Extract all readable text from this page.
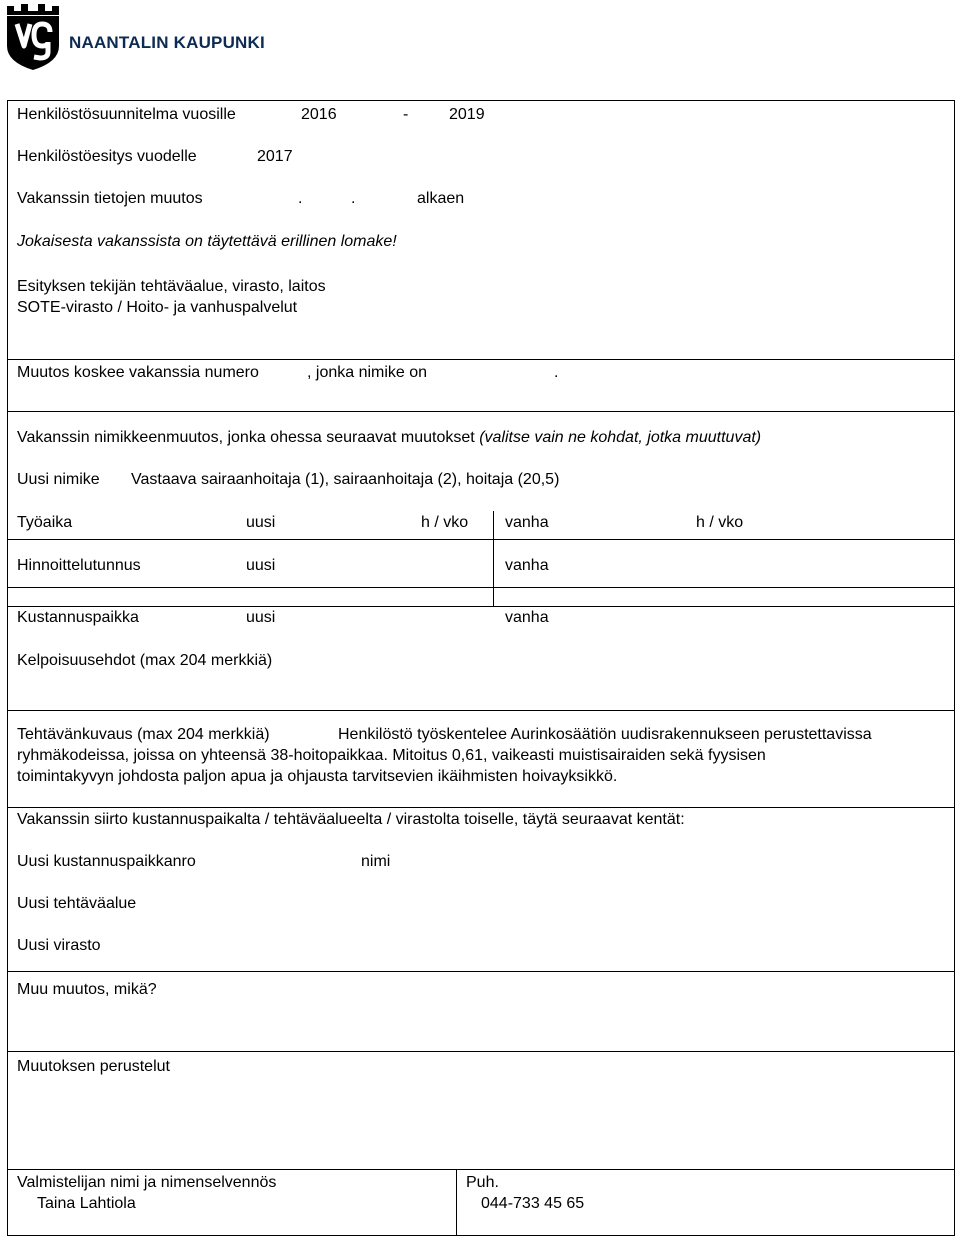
NAANTALIN KAUPUNKI
Henkilöstösuunnitelma vuosille	2016	-	2019
Henkilöstöesitys vuodelle	2017
Vakanssin tietojen muutos	.	.	alkaen
Jokaisesta vakanssista on täytettävä erillinen lomake!
Esityksen tekijän tehtäväalue, virasto, laitos
SOTE-virasto / Hoito- ja vanhuspalvelut
Muutos koskee vakanssia numero	, jonka nimike on	.
Vakanssin nimikkeenmuutos, jonka ohessa seuraavat muutokset (valitse vain ne kohdat, jotka muuttuvat)
Uusi nimike Vastaava sairaanhoitaja (1), sairaanhoitaja (2), hoitaja (20,5)
Työaika	uusi	h / vko vanha	h / vko
Hinnoittelutunnus	uusi	vanha
Kustannuspaikka	uusi	vanha
Kelpoisuusehdot (max 204 merkkiä)
Tehtävänkuvaus (max 204 merkkiä)	Henkilöstö työskentelee Aurinkosäätiön uudisrakennukseen perustettavissa
ryhmäkodeissa, joissa on yhteensä 38-hoitopaikkaa. Mitoitus 0,61, vaikeasti muistisairaiden sekä fyysisen
toimintakyvyn johdosta paljon apua ja ohjausta tarvitsevien ikäihmisten hoivayksikkö.
Vakanssin siirto kustannuspaikalta / tehtäväalueelta / virastolta toiselle, täytä seuraavat kentät:
Uusi kustannuspaikkanro	nimi
Uusi tehtäväalue
Uusi virasto
Muu muutos, mikä?
Muutoksen perustelut
Valmistelijan nimi ja nimenselvennös
Taina Lahtiola
Puh.
044-733 45 65
